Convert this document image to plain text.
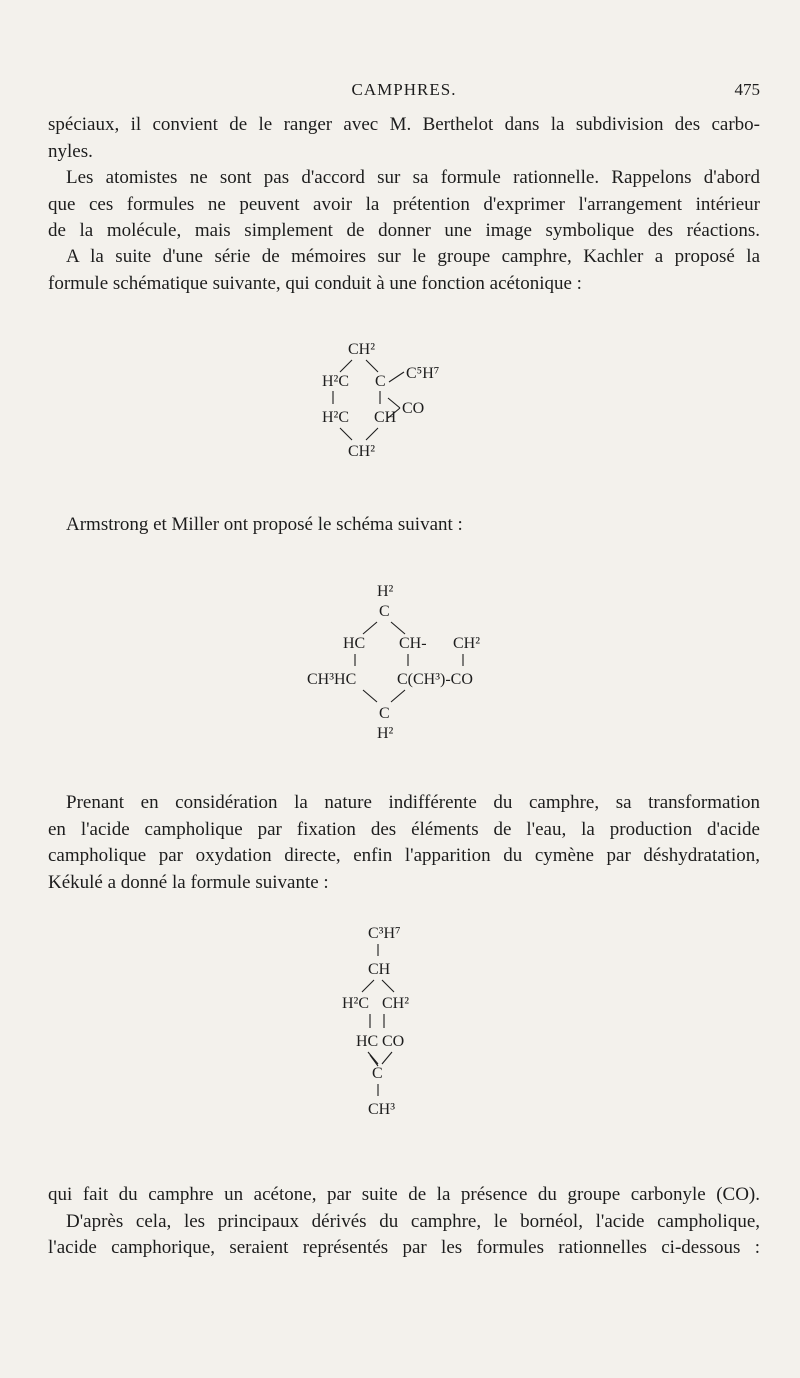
CAMPHRES.	475
spéciaux, il convient de le ranger avec M. Berthelot dans la subdivision des carbo-
nyles.
Les atomistes ne sont pas d'accord sur sa formule rationnelle. Rappelons d'abord
que ces formules ne peuvent avoir la prétention d'exprimer l'arrangement intérieur
de la molécule, mais simplement de donner une image symbolique des réactions.
A la suite d'une série de mémoires sur le groupe camphre, Kachler a proposé la
formule schématique suivante, qui conduit à une fonction acétonique :
CH²
H²C C C⁵H⁷
CO
H²C CH
CH²
Armstrong et Miller ont proposé le schéma suivant :
H²
C
HC CH- CH²
CH³HC	C(CH³)-CO
C
H²
Prenant en considération la nature indifférente du camphre, sa transformation
en l'acide campholique par fixation des éléments de l'eau, la production d'acide
campholique par oxydation directe, enfin l'apparition du cymène par déshydratation,
Kékulé a donné la formule suivante :
C³H⁷
CH
H²C CH²
HC CO
C
CH³
qui fait du camphre un acétone, par suite de la présence du groupe carbonyle (CO).
D'après cela, les principaux dérivés du camphre, le bornéol, l'acide campholique,
l'acide camphorique, seraient représentés par les formules rationnelles ci-dessous :
